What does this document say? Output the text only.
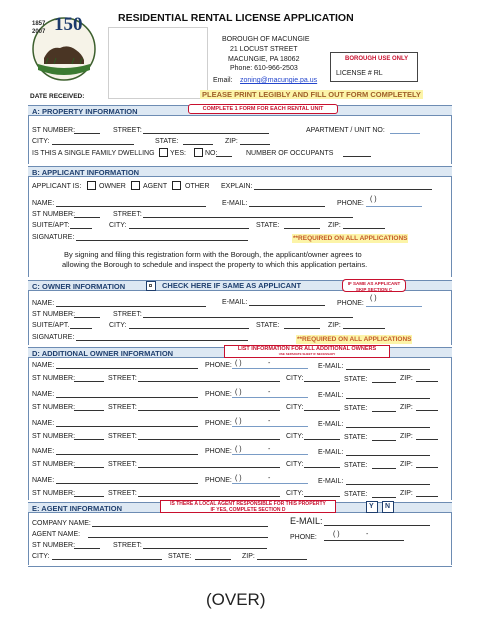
1857
2007 150	RESIDENTIAL RENTAL LICENSE APPLICATION
BOROUGH OF MACUNGIE
21 LOCUST STREET
MACUNGIE, PA 18062
Phone: 610-966-2503
Email: zoning@macungie.pa.us
BOROUGH USE ONLY
LICENSE # RL
DATE RECEIVED:	PLEASE PRINT LEGIBLY AND FILL OUT FORM COMPLETELY
A: PROPERTY INFORMATION	COMPLETE 1 FORM FOR EACH RENTAL UNIT
ST NUMBER:	STREET:	APARTMENT / UNIT NO:
CITY:	STATE:	ZIP:
IS THIS A SINGLE FAMILY DWELLING YES:	NO:	NUMBER OF OCCUPANTS
B: APPLICANT INFORMATION
APPLICANT IS:	OWNER AGENT	OTHER EXPLAIN:
NAME:	E-MAIL:	PHONE:
( )
ST NUMBER:	STREET:
SUITE/APT:	CITY:	STATE:	ZIP:
SIGNATURE:	**REQUIRED ON ALL APPLICATIONS
By signing and filing this registration form with the Borough, the applicant/owner agrees to
allowing the Borough to schedule and inspect the property to which this application pertains.
C: OWNER INFORMATION	CHECK HERE IF SAME AS APPLICANT	IF SAME AS APPLICANT
SKIP SECTION C
NAME:	E-MAIL:	PHONE:
( )
ST NUMBER:	STREET:
SUITE/APT.	CITY:	STATE:	ZIP:
SIGNATURE:	**REQUIRED ON ALL APPLICATIONS
D: ADDITIONAL OWNER INFORMATION	LIST INFORMATION FOR ALL ADDITIONAL OWNERS
USE SEPARATE SHEET IF NECESSARY
NAME:	PHONE: ( )	-	E-MAIL:
ST NUMBER:	STREET:	CITY:	STATE:	ZIP:
NAME:	PHONE: ( )	-	E-MAIL:
ST NUMBER:	STREET:	CITY:	STATE:	ZIP:
NAME:	PHONE: ( )	-	E-MAIL:
ST NUMBER:	STREET:	CITY:	STATE:	ZIP:
NAME:	PHONE: ( )	-	E-MAIL:
ST NUMBER:	STREET:	CITY:	STATE:	ZIP:
NAME:	PHONE: ( )	-	E-MAIL:
ST NUMBER:	STREET:	CITY:	STATE:	ZIP:
E: AGENT INFORMATION	IS THERE A LOCAL AGENT RESPONSIBLE FOR THIS PROPERTY
IF YES, COMPLETE SECTION D	Y N
COMPANY NAME:	E-MAIL:
AGENT NAME:	PHONE: ( )	-
ST NUMBER:	STREET:
CITY:	STATE:	ZIP:
(OVER)
